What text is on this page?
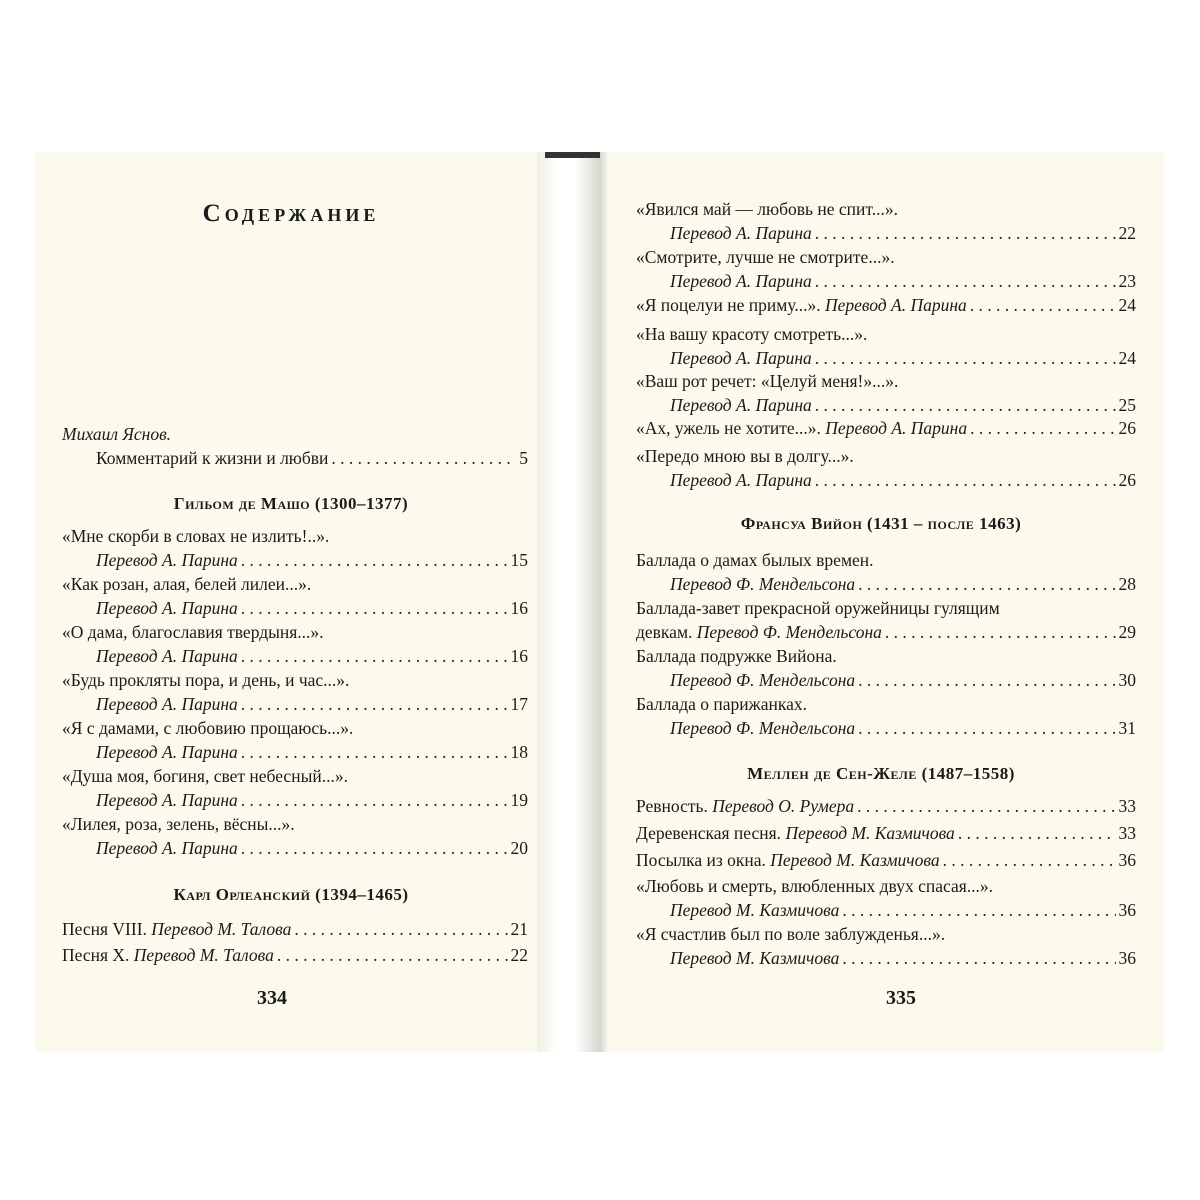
Содержание
Михаил Яснов.
Комментарий к жизни и любви . . .	5
Гильом де Машо (1300–1377)
«Мне скорби в словах не излить!..».
Перевод А. Парина . . .	15
«Как розан, алая, белей лилеи...».
Перевод А. Парина . . .	16
«О дама, благославия твердыня...».
Перевод А. Парина . . .	16
«Будь прокляты пора, и день, и час...».
Перевод А. Парина . . .	17
«Я с дамами, с любовию прощаюсь...».
Перевод А. Парина . . .	18
«Душа моя, богиня, свет небесный...».
Перевод А. Парина . . .	19
«Лилея, роза, зелень, вёсны...».
Перевод А. Парина . . .	20
Карл Орлеанский (1394–1465)
Песня VIII.
Перевод М. Талова . . .	21
Песня X.
Перевод М. Талова . . .	22
334
«Явился май — любовь не спит...».
Перевод А. Парина . . .	22
«Смотрите, лучше не смотрите...».
Перевод А. Парина . . .	23
«Я поцелуи не приму...».
Перевод А. Парина . . .	24
«На вашу красоту смотреть...».
Перевод А. Парина . . .	24
«Ваш рот речет: «Целуй меня!»...».
Перевод А. Парина . . .	25
«Ах, ужель не хотите...».
Перевод А. Парина . . .	26
«Передо мною вы в долгу...».
Перевод А. Парина . . .	26
Франсуа Вийон (1431 – после 1463)
Баллада о дамах былых времен.
Перевод Ф. Мендельсона . . .	28
Баллада-завет прекрасной оружейницы гулящим
девкам.
Перевод Ф. Мендельсона . . .	29
Баллада подружке Вийона.
Перевод Ф. Мендельсона . . .	30
Баллада о парижанках.
Перевод Ф. Мендельсона . . .	31
Меллен де Сен-Желе (1487–1558)
Ревность.
Перевод О. Румера . . .	33
Деревенская песня.
Перевод М. Казмичова . . .	33
Посылка из окна.
Перевод М. Казмичова . . .	36
«Любовь и смерть, влюбленных двух спасая...».
Перевод М. Казмичова . . .	36
«Я счастлив был по воле заблужденья...».
Перевод М. Казмичова . . .	36
335
